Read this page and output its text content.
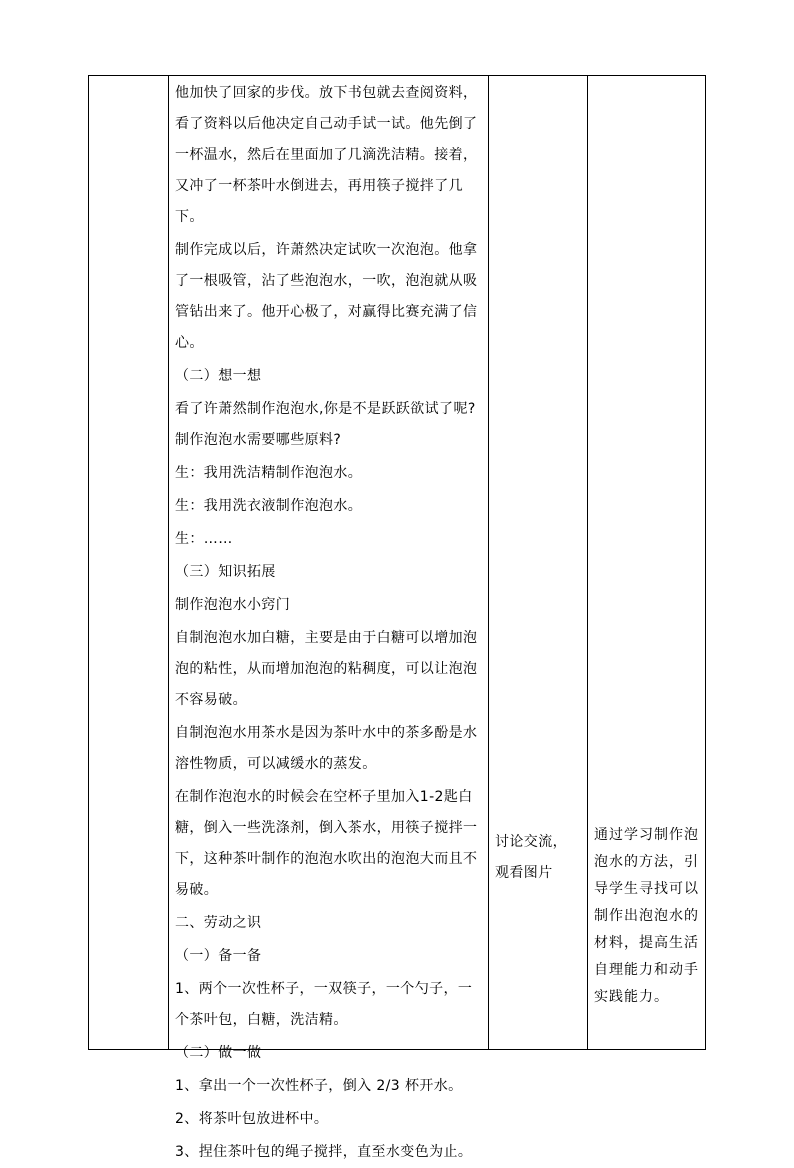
他加快了回家的步伐。放下书包就去查阅资料，看了资料以后他决定自己动手试一试。他先倒了一杯温水，然后在里面加了几滴洗洁精。接着，又冲了一杯茶叶水倒进去，再用筷子搅拌了几下。

制作完成以后，许萧然决定试吹一次泡泡。他拿了一根吸管，沾了些泡泡水，一吹，泡泡就从吸管钻出来了。他开心极了，对赢得比赛充满了信心。

（二）想一想

看了许萧然制作泡泡水,你是不是跃跃欲试了呢?制作泡泡水需要哪些原料?

生：我用洗洁精制作泡泡水。

生：我用洗衣液制作泡泡水。

生：……

（三）知识拓展

制作泡泡水小窍门

自制泡泡水加白糖，主要是由于白糖可以增加泡泡的粘性，从而增加泡泡的粘稠度，可以让泡泡不容易破。

自制泡泡水用茶水是因为茶叶水中的茶多酚是水溶性物质，可以减缓水的蒸发。

在制作泡泡水的时候会在空杯子里加入1-2匙白糖，倒入一些洗涤剂，倒入茶水，用筷子搅拌一下，这种茶叶制作的泡泡水吹出的泡泡大而且不易破。

二、劳动之识

（一）备一备

1、两个一次性杯子，一双筷子，一个勺子，一个茶叶包，白糖，洗洁精。

（二）做一做

1、拿出一个一次性杯子，倒入 2/3 杯开水。

2、将茶叶包放进杯中。

3、捏住茶叶包的绳子搅拌，直至水变色为止。

讨论交流，观看图片
通过学习制作泡泡水的方法，引导学生寻找可以制作出泡泡水的材料，提高生活自理能力和动手实践能力。
